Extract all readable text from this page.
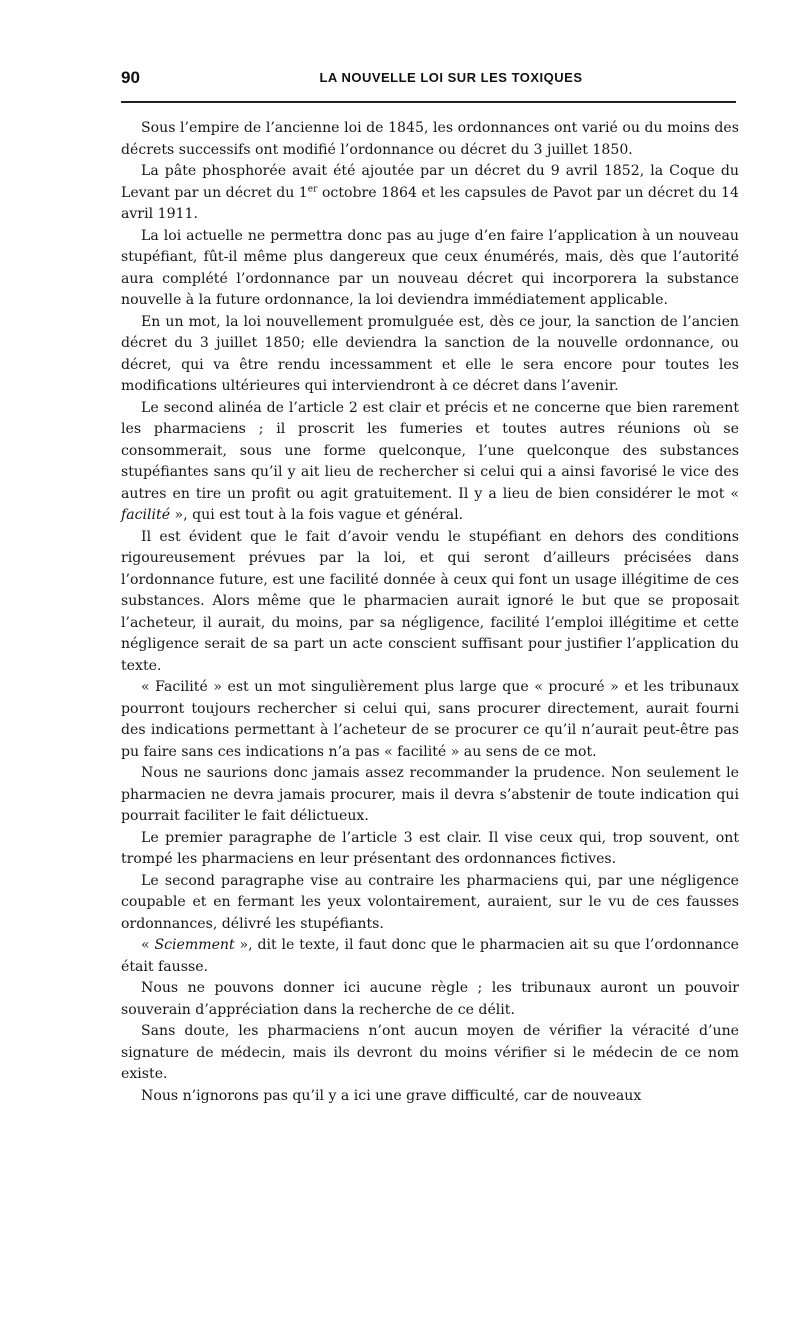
90	LA NOUVELLE LOI SUR LES TOXIQUES

Sous l’empire de l’ancienne loi de 1845, les ordonnances ont varié ou du moins des décrets successifs ont modifié l’ordonnance ou décret du 3 juillet 1850.

La pâte phosphorée avait été ajoutée par un décret du 9 avril 1852, la Coque du Levant par un décret du 1er octobre 1864 et les capsules de Pavot par un décret du 14 avril 1911.

La loi actuelle ne permettra donc pas au juge d’en faire l’application à un nouveau stupéfiant, fût-il même plus dangereux que ceux énumérés, mais, dès que l’autorité aura complété l’ordonnance par un nouveau décret qui incorporera la substance nouvelle à la future ordonnance, la loi deviendra immédiatement applicable.

En un mot, la loi nouvellement promulguée est, dès ce jour, la sanction de l’ancien décret du 3 juillet 1850; elle deviendra la sanction de la nouvelle ordonnance, ou décret, qui va être rendu incessamment et elle le sera encore pour toutes les modifications ultérieures qui interviendront à ce décret dans l’avenir.

Le second alinéa de l’article 2 est clair et précis et ne concerne que bien rarement les pharmaciens ; il proscrit les fumeries et toutes autres réunions où se consommerait, sous une forme quelconque, l’une quelconque des substances stupéfiantes sans qu’il y ait lieu de rechercher si celui qui a ainsi favorisé le vice des autres en tire un profit ou agit gratuitement. Il y a lieu de bien considérer le mot « facilité », qui est tout à la fois vague et général.

Il est évident que le fait d’avoir vendu le stupéfiant en dehors des conditions rigoureusement prévues par la loi, et qui seront d’ailleurs précisées dans l’ordonnance future, est une facilité donnée à ceux qui font un usage illégitime de ces substances. Alors même que le pharmacien aurait ignoré le but que se proposait l’acheteur, il aurait, du moins, par sa négligence, facilité l’emploi illégitime et cette négligence serait de sa part un acte conscient suffisant pour justifier l’application du texte.

« Facilité » est un mot singulièrement plus large que « procuré » et les tribunaux pourront toujours rechercher si celui qui, sans procurer directement, aurait fourni des indications permettant à l’acheteur de se procurer ce qu’il n’aurait peut-être pas pu faire sans ces indications n’a pas « facilité » au sens de ce mot.

Nous ne saurions donc jamais assez recommander la prudence. Non seulement le pharmacien ne devra jamais procurer, mais il devra s’abstenir de toute indication qui pourrait faciliter le fait délictueux.

Le premier paragraphe de l’article 3 est clair. Il vise ceux qui, trop souvent, ont trompé les pharmaciens en leur présentant des ordonnances fictives.

Le second paragraphe vise au contraire les pharmaciens qui, par une négligence coupable et en fermant les yeux volontairement, auraient, sur le vu de ces fausses ordonnances, délivré les stupéfiants.

« Sciemment », dit le texte, il faut donc que le pharmacien ait su que l’ordonnance était fausse.

Nous ne pouvons donner ici aucune règle ; les tribunaux auront un pouvoir souverain d’appréciation dans la recherche de ce délit.

Sans doute, les pharmaciens n’ont aucun moyen de vérifier la véracité d’une signature de médecin, mais ils devront du moins vérifier si le médecin de ce nom existe.

Nous n’ignorons pas qu’il y a ici une grave difficulté, car de nouveaux
